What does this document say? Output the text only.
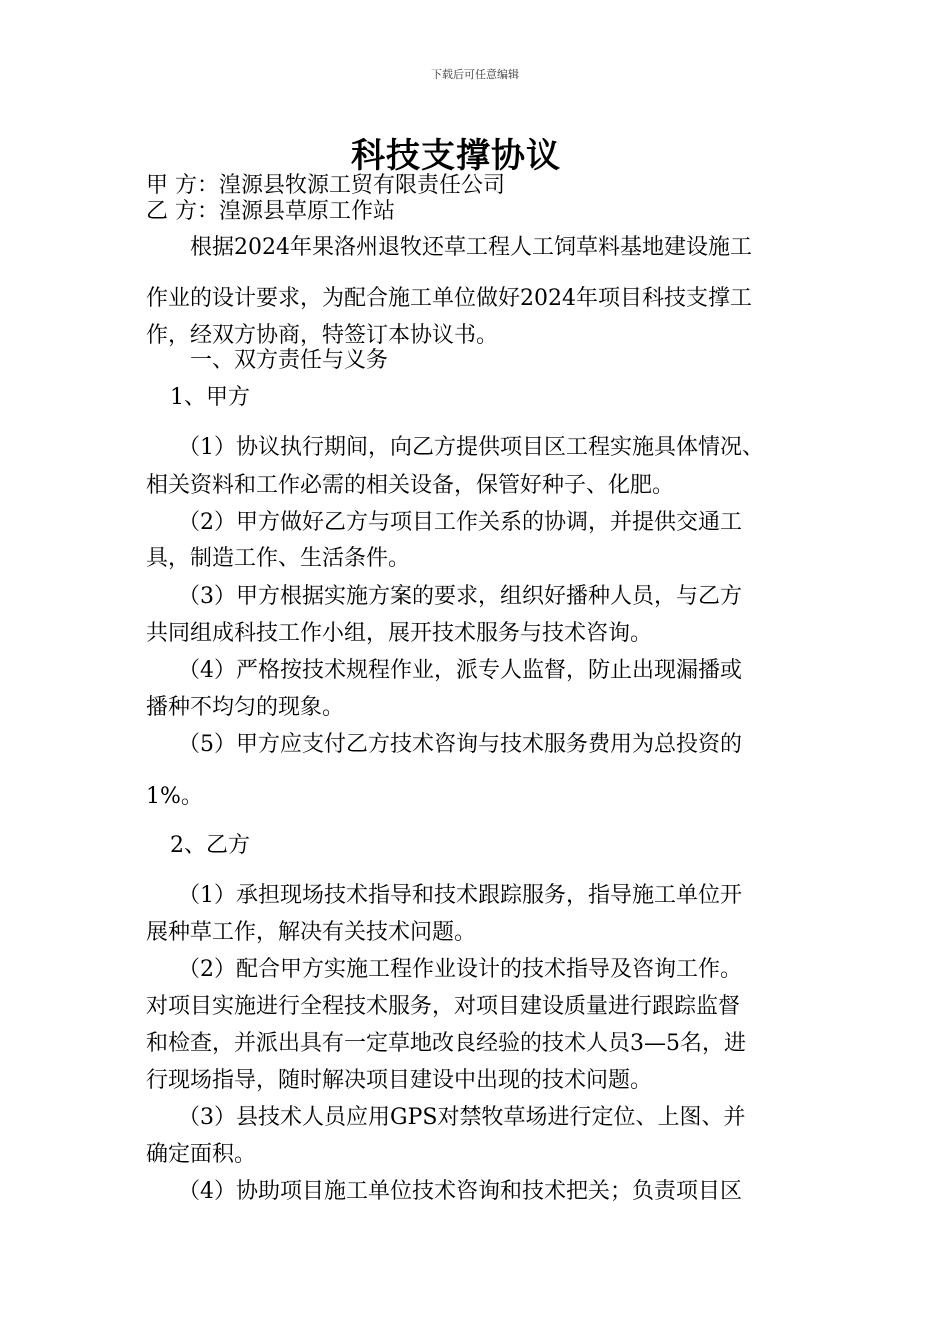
下载后可任意编辑
科技支撑协议
甲 方：湟源县牧源工贸有限责任公司
乙 方：湟源县草原工作站
根据2024年果洛州退牧还草工程人工饲草料基地建设施工
作业的设计要求，为配合施工单位做好2024年项目科技支撑工
作，经双方协商，特签订本协议书。
一、双方责任与义务
1、甲方
（1）协议执行期间，向乙方提供项目区工程实施具体情况、
相关资料和工作必需的相关设备，保管好种子、化肥。
（2）甲方做好乙方与项目工作关系的协调，并提供交通工
具，制造工作、生活条件。
（3）甲方根据实施方案的要求，组织好播种人员，与乙方
共同组成科技工作小组，展开技术服务与技术咨询。
（4）严格按技术规程作业，派专人监督，防止出现漏播或
播种不均匀的现象。
（5）甲方应支付乙方技术咨询与技术服务费用为总投资的
1%。
2、乙方
（1）承担现场技术指导和技术跟踪服务，指导施工单位开
展种草工作，解决有关技术问题。
（2）配合甲方实施工程作业设计的技术指导及咨询工作。
对项目实施进行全程技术服务，对项目建设质量进行跟踪监督
和检查，并派出具有一定草地改良经验的技术人员3—5名，进
行现场指导，随时解决项目建设中出现的技术问题。
（3）县技术人员应用GPS对禁牧草场进行定位、上图、并
确定面积。
（4）协助项目施工单位技术咨询和技术把关；负责项目区
